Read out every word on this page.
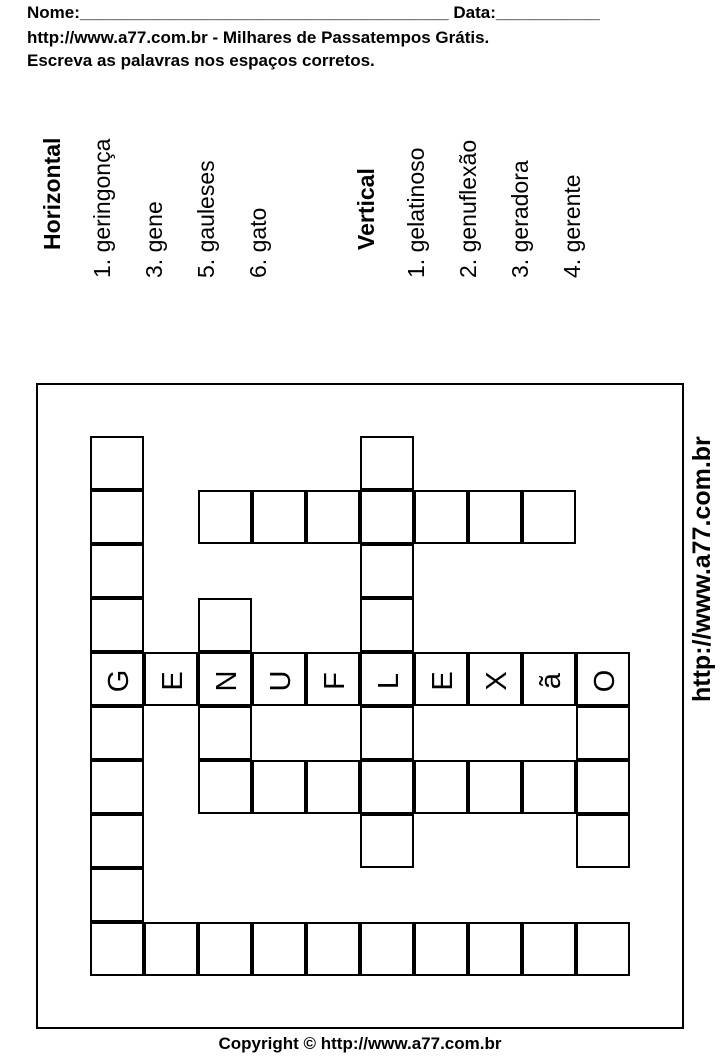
Nome:_______________________________________ Data:___________
http://www.a77.com.br - Milhares de Passatempos Grátis.
Escreva as palavras nos espaços corretos.
Horizontal 1. geringonça 3. gene 5. gauleses 6. gato	Vertical 1. gelatinoso 2. genuflexão 3. geradora 4. gerente
G	L
N
E	U F	E X ã O	http://www.a77.com.br
Copyright © http://www.a77.com.br
